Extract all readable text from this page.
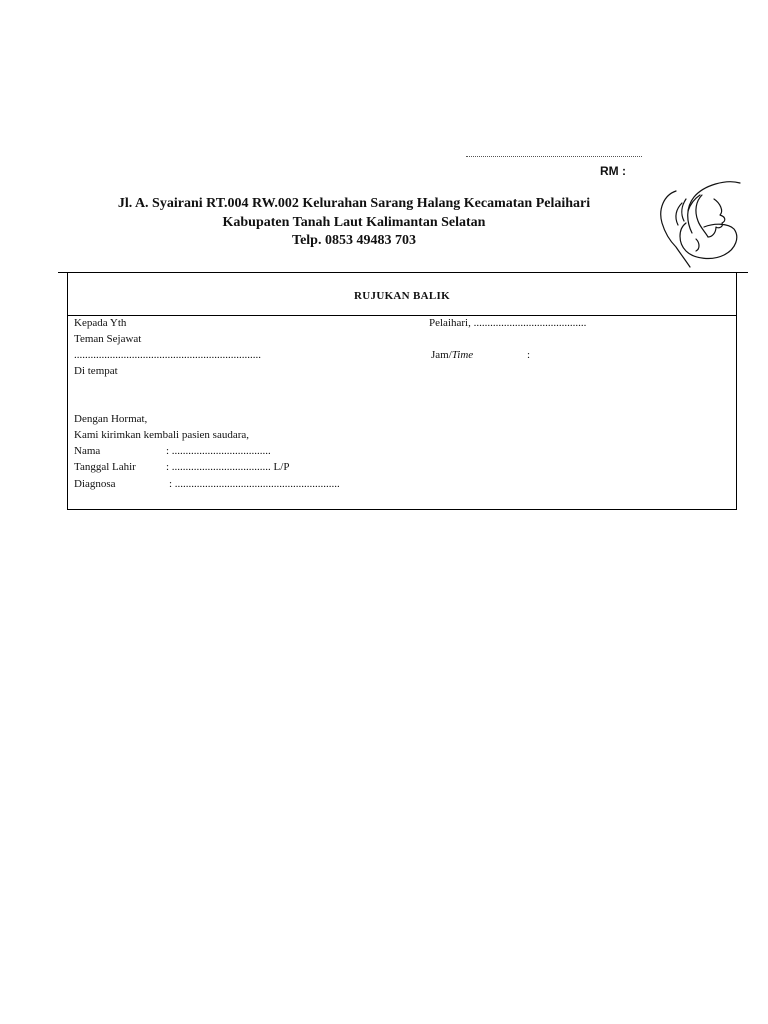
RM :
Jl. A. Syairani RT.004 RW.002 Kelurahan Sarang Halang Kecamatan Pelaihari
Kabupaten Tanah Laut Kalimantan Selatan
Telp. 0853 49483 703
RUJUKAN BALIK
Kepada Yth
Teman Sejawat
....................................................................
Di tempat
Pelaihari, .........................................
Jam/Time	:
Dengan Hormat,
Kami kirimkan kembali pasien saudara,
Nama	: ....................................
Tanggal Lahir	: .................................... L/P
Diagnosa	: ............................................................
